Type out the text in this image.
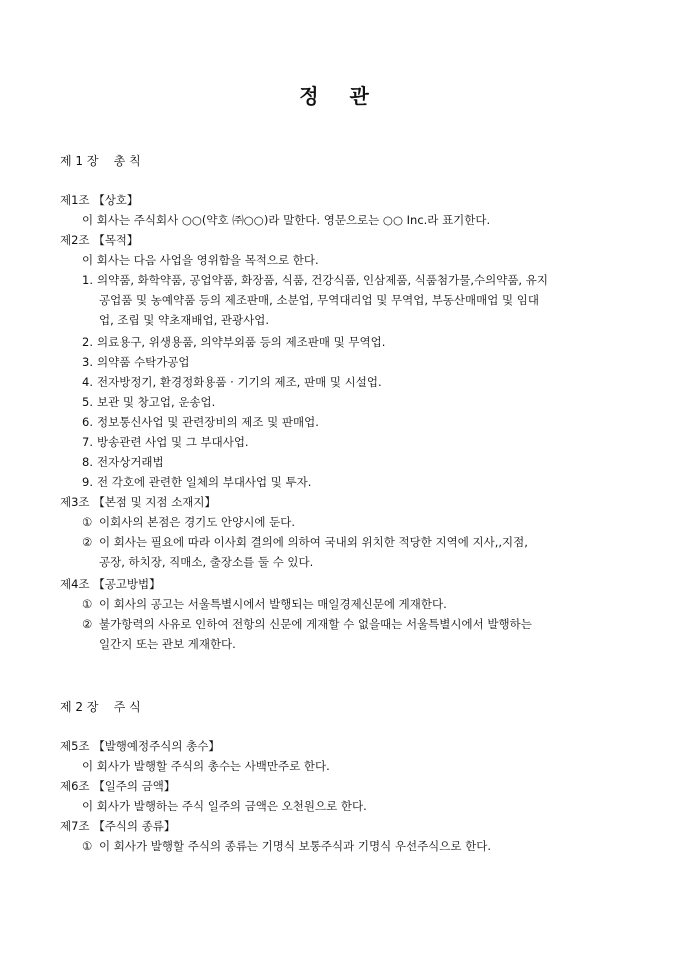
정 관
제 1 장    총 칙
제1조 【상호】
이 회사는 주식회사 ○○(약호 ㈜○○)라 말한다. 영문으로는 ○○ Inc.라 표기한다.
제2조 【목적】
이 회사는 다음 사업을 영위함을 목적으로 한다.
1. 의약품, 화학약품, 공업약품, 화장품, 식품, 건강식품, 인삼제품, 식품첨가물,수의약품, 유지
공업품 및 농예약품 등의 제조판매, 소분업, 무역대리업 및 무역업, 부동산매매업 및 임대
업, 조립 및 약초재배업, 관광사업.
2. 의료용구, 위생용품, 의약부외품 등의 제조판매 및 무역업.
3. 의약품 수탁가공업
4. 전자방정기, 환경정화용품 · 기기의 제조, 판매 및 시설업.
5. 보관 및 창고업, 운송업.
6. 정보통신사업 및 관련장비의 제조 및 판매업.
7. 방송관련 사업 및 그 부대사업.
8. 전자상거래법
9. 전 각호에 관련한 일체의 부대사업 및 투자.
제3조 【본점 및 지점 소재지】
① 이회사의 본점은 경기도 안양시에 둔다.
② 이 회사는 필요에 따라 이사회 결의에 의하여 국내외 위치한 적당한 지역에 지사,,지점,
공장, 하치장, 직매소, 출장소를 둘 수 있다.
제4조 【공고방법】
① 이 회사의 공고는 서울특별시에서 발행되는 매일경제신문에 게재한다.
② 불가항력의 사유로 인하여 전항의 신문에 게재할 수 없을때는 서울특별시에서 발행하는
일간지 또는 관보 게재한다.
제 2 장    주 식
제5조 【발행예정주식의 총수】
이 회사가 발행할 주식의 총수는 사백만주로 한다.
제6조 【일주의 금액】
이 회사가 발행하는 주식 일주의 금액은 오천원으로 한다.
제7조 【주식의 종류】
① 이 회사가 발행할 주식의 종류는 기명식 보통주식과 기명식 우선주식으로 한다.
